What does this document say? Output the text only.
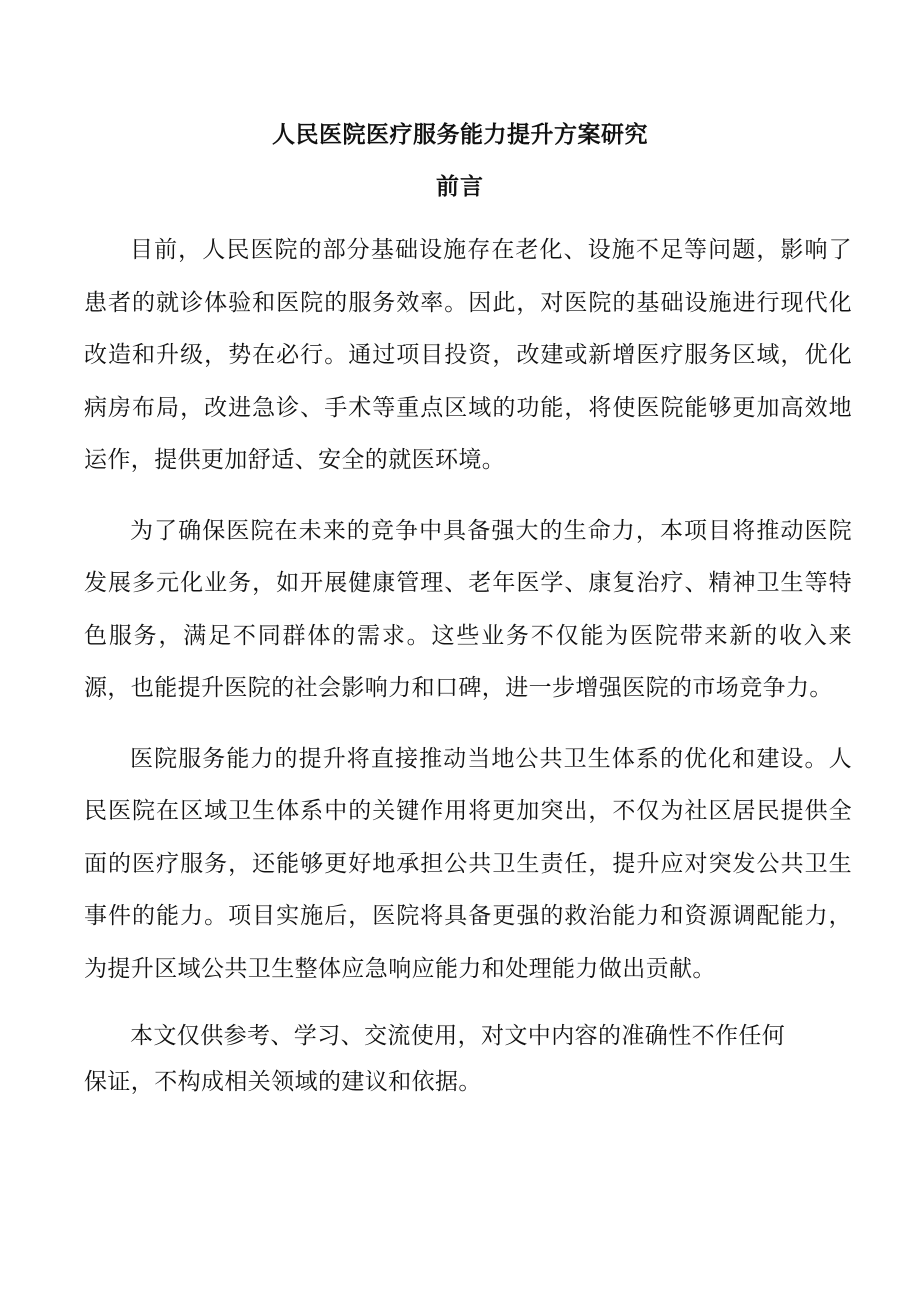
人民医院医疗服务能力提升方案研究
前言

目前，人民医院的部分基础设施存在老化、设施不足等问题，影响了患者的就诊体验和医院的服务效率。因此，对医院的基础设施进行现代化改造和升级，势在必行。通过项目投资，改建或新增医疗服务区域，优化病房布局，改进急诊、手术等重点区域的功能，将使医院能够更加高效地运作，提供更加舒适、安全的就医环境。

为了确保医院在未来的竞争中具备强大的生命力，本项目将推动医院发展多元化业务，如开展健康管理、老年医学、康复治疗、精神卫生等特色服务，满足不同群体的需求。这些业务不仅能为医院带来新的收入来源，也能提升医院的社会影响力和口碑，进一步增强医院的市场竞争力。

医院服务能力的提升将直接推动当地公共卫生体系的优化和建设。人民医院在区域卫生体系中的关键作用将更加突出，不仅为社区居民提供全面的医疗服务，还能够更好地承担公共卫生责任，提升应对突发公共卫生事件的能力。项目实施后，医院将具备更强的救治能力和资源调配能力，为提升区域公共卫生整体应急响应能力和处理能力做出贡献。

本文仅供参考、学习、交流使用，对文中内容的准确性不作任何保证，不构成相关领域的建议和依据。
